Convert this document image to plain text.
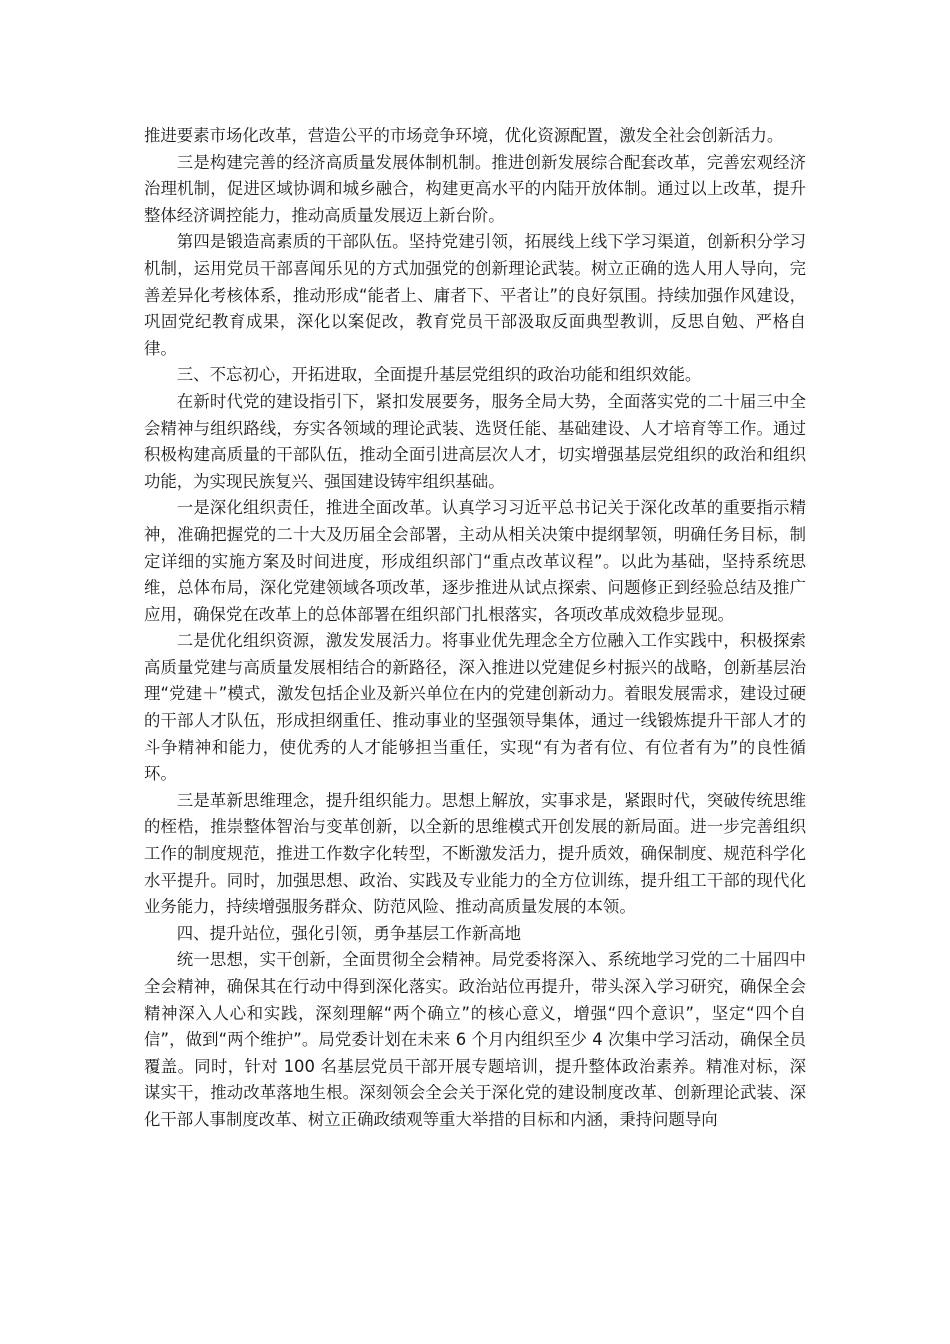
推进要素市场化改革，营造公平的市场竞争环境，优化资源配置，激发全社会创新活力。

三是构建完善的经济高质量发展体制机制。推进创新发展综合配套改革，完善宏观经济治理机制，促进区域协调和城乡融合，构建更高水平的内陆开放体制。通过以上改革，提升整体经济调控能力，推动高质量发展迈上新台阶。

第四是锻造高素质的干部队伍。坚持党建引领，拓展线上线下学习渠道，创新积分学习机制，运用党员干部喜闻乐见的方式加强党的创新理论武装。树立正确的选人用人导向，完善差异化考核体系，推动形成“能者上、庸者下、平者让”的良好氛围。持续加强作风建设，巩固党纪教育成果，深化以案促改，教育党员干部汲取反面典型教训，反思自勉、严格自律。

三、不忘初心，开拓进取，全面提升基层党组织的政治功能和组织效能。

在新时代党的建设指引下，紧扣发展要务，服务全局大势，全面落实党的二十届三中全会精神与组织路线，夯实各领域的理论武装、选贤任能、基础建设、人才培育等工作。通过积极构建高质量的干部队伍，推动全面引进高层次人才，切实增强基层党组织的政治和组织功能，为实现民族复兴、强国建设铸牢组织基础。

一是深化组织责任，推进全面改革。认真学习习近平总书记关于深化改革的重要指示精神，准确把握党的二十大及历届全会部署，主动从相关决策中提纲挈领，明确任务目标，制定详细的实施方案及时间进度，形成组织部门“重点改革议程”。以此为基础，坚持系统思维，总体布局，深化党建领域各项改革，逐步推进从试点探索、问题修正到经验总结及推广应用，确保党在改革上的总体部署在组织部门扎根落实，各项改革成效稳步显现。

二是优化组织资源，激发发展活力。将事业优先理念全方位融入工作实践中，积极探索高质量党建与高质量发展相结合的新路径，深入推进以党建促乡村振兴的战略，创新基层治理“党建＋”模式，激发包括企业及新兴单位在内的党建创新动力。着眼发展需求，建设过硬的干部人才队伍，形成担纲重任、推动事业的坚强领导集体，通过一线锻炼提升干部人才的斗争精神和能力，使优秀的人才能够担当重任，实现“有为者有位、有位者有为”的良性循环。

三是革新思维理念，提升组织能力。思想上解放，实事求是，紧跟时代，突破传统思维的桎梏，推崇整体智治与变革创新，以全新的思维模式开创发展的新局面。进一步完善组织工作的制度规范，推进工作数字化转型，不断激发活力，提升质效，确保制度、规范科学化水平提升。同时，加强思想、政治、实践及专业能力的全方位训练，提升组工干部的现代化业务能力，持续增强服务群众、防范风险、推动高质量发展的本领。

四、提升站位，强化引领，勇争基层工作新高地

统一思想，实干创新，全面贯彻全会精神。局党委将深入、系统地学习党的二十届四中全会精神，确保其在行动中得到深化落实。政治站位再提升，带头深入学习研究，确保全会精神深入人心和实践，深刻理解“两个确立”的核心意义，增强“四个意识”，坚定“四个自信”，做到“两个维护”。局党委计划在未来 6 个月内组织至少 4 次集中学习活动，确保全员覆盖。同时，针对 100 名基层党员干部开展专题培训，提升整体政治素养。精准对标，深谋实干，推动改革落地生根。深刻领会全会关于深化党的建设制度改革、创新理论武装、深化干部人事制度改革、树立正确政绩观等重大举措的目标和内涵，秉持问题导向
